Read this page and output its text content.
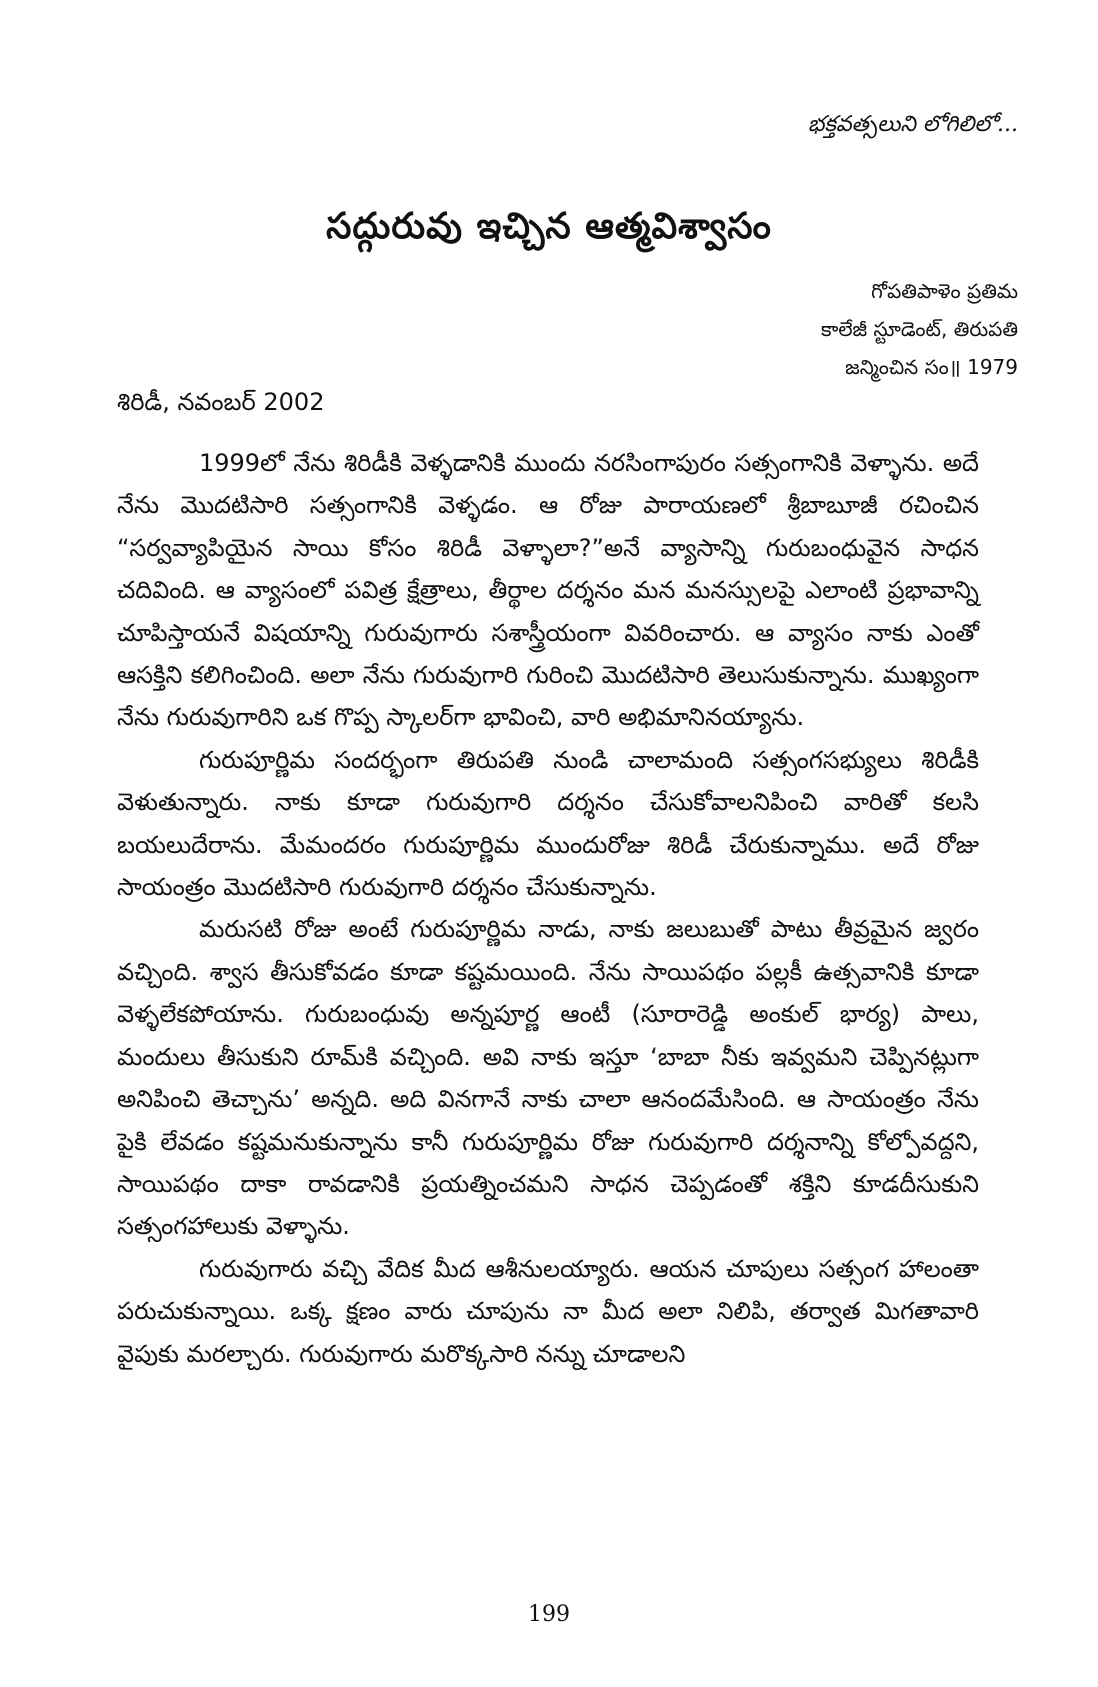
భక్తవత్సలుని లోగిలిలో...
సద్గురువు ఇచ్చిన ఆత్మవిశ్వాసం
గోపతిపాళెం ప్రతిమ
కాలేజీ స్టూడెంట్, తిరుపతి
జన్మించిన సం॥ 1979
శిరిడీ, నవంబర్ 2002

1999లో నేను శిరిడీకి వెళ్ళడానికి ముందు నరసింగాపురం సత్సంగానికి వెళ్ళాను. అదే నేను మొదటిసారి సత్సంగానికి వెళ్ళడం. ఆ రోజు పారాయణలో శ్రీబాబూజీ రచించిన “సర్వవ్యాపియైన సాయి కోసం శిరిడీ వెళ్ళాలా?”అనే వ్యాసాన్ని గురుబంధువైన సాధన చదివింది. ఆ వ్యాసంలో పవిత్ర క్షేత్రాలు, తీర్థాల దర్శనం మన మనస్సులపై ఎలాంటి ప్రభావాన్ని చూపిస్తాయనే విషయాన్ని గురువుగారు సశాస్త్రీయంగా వివరించారు. ఆ వ్యాసం నాకు ఎంతో ఆసక్తిని కలిగించింది. అలా నేను గురువుగారి గురించి మొదటిసారి తెలుసుకున్నాను. ముఖ్యంగా నేను గురువుగారిని ఒక గొప్ప స్కాలర్‌గా భావించి, వారి అభిమానినయ్యాను.

గురుపూర్ణిమ సందర్భంగా తిరుపతి నుండి చాలామంది సత్సంగసభ్యులు శిరిడీకి వెళుతున్నారు. నాకు కూడా గురువుగారి దర్శనం చేసుకోవాలనిపించి వారితో కలసి బయలుదేరాను. మేమందరం గురుపూర్ణిమ ముందురోజు శిరిడీ చేరుకున్నాము. అదే రోజు సాయంత్రం మొదటిసారి గురువుగారి దర్శనం చేసుకున్నాను.

మరుసటి రోజు అంటే గురుపూర్ణిమ నాడు, నాకు జలుబుతో పాటు తీవ్రమైన జ్వరం వచ్చింది. శ్వాస తీసుకోవడం కూడా కష్టమయింది. నేను సాయిపథం పల్లకీ ఉత్సవానికి కూడా వెళ్ళలేకపోయాను. గురుబంధువు అన్నపూర్ణ ఆంటీ (సూరారెడ్డి అంకుల్ భార్య) పాలు, మందులు తీసుకుని రూమ్‌కి వచ్చింది. అవి నాకు ఇస్తూ ‘బాబా నీకు ఇవ్వమని చెప్పినట్లుగా అనిపించి తెచ్చాను’ అన్నది. అది వినగానే నాకు చాలా ఆనందమేసింది. ఆ సాయంత్రం నేను పైకి లేవడం కష్టమనుకున్నాను కానీ గురుపూర్ణిమ రోజు గురువుగారి దర్శనాన్ని కోల్పోవద్దని, సాయిపథం దాకా రావడానికి ప్రయత్నించమని సాధన చెప్పడంతో శక్తిని కూడదీసుకుని సత్సంగహాలుకు వెళ్ళాను.

గురువుగారు వచ్చి వేదిక మీద ఆశీనులయ్యారు. ఆయన చూపులు సత్సంగ హాలంతా పరుచుకున్నాయి. ఒక్క క్షణం వారు చూపును నా మీద అలా నిలిపి, తర్వాత మిగతావారి వైపుకు మరల్చారు. గురువుగారు మరొక్కసారి నన్ను చూడాలని

199
